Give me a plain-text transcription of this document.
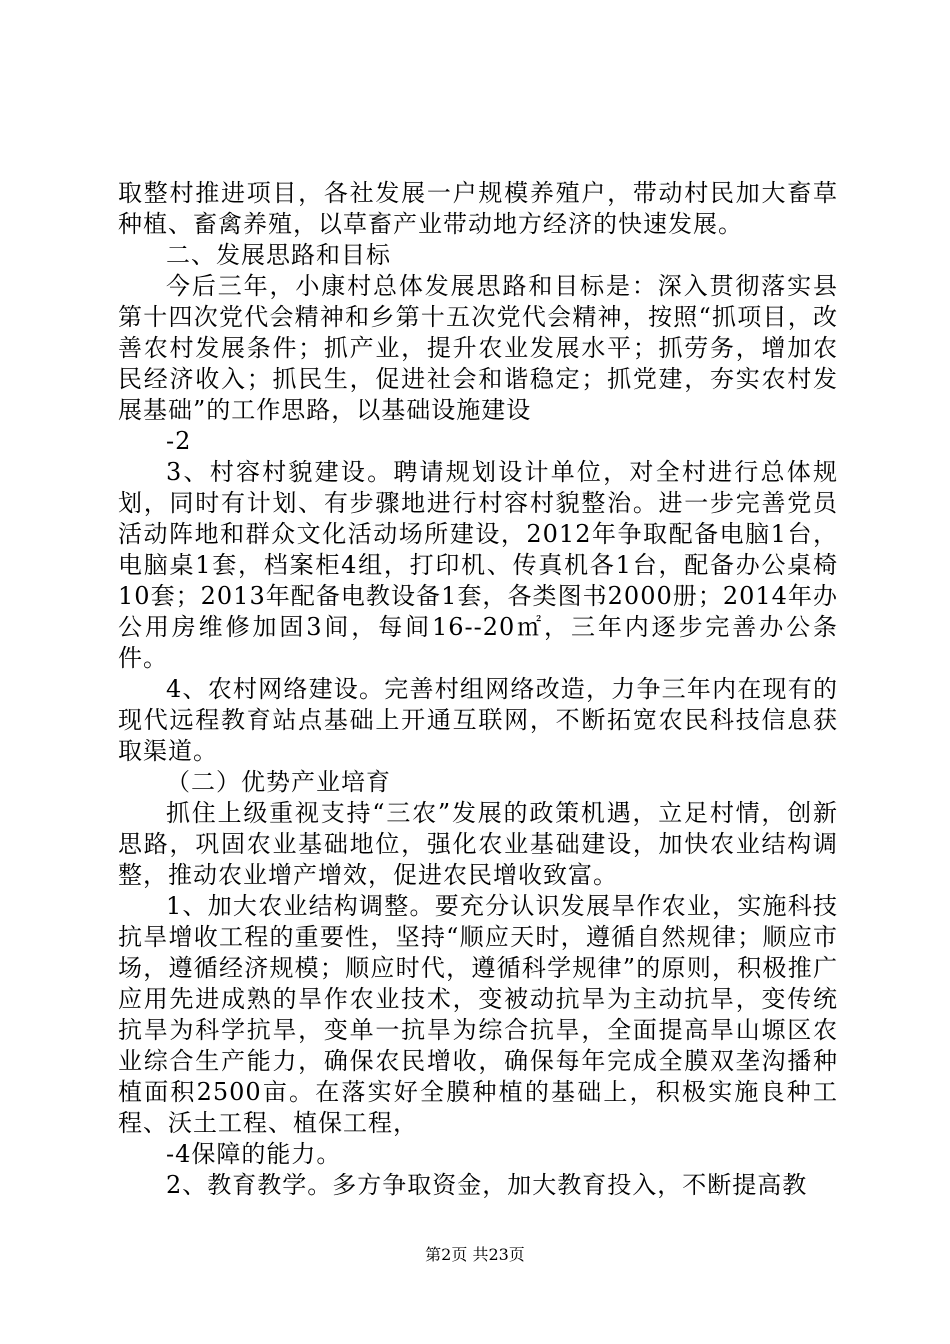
取整村推进项目，各社发展一户规模养殖户，带动村民加大畜草种植、畜禽养殖，以草畜产业带动地方经济的快速发展。

二、发展思路和目标

今后三年，小康村总体发展思路和目标是：深入贯彻落实县第十四次党代会精神和乡第十五次党代会精神，按照“抓项目，改善农村发展条件；抓产业，提升农业发展水平；抓劳务，增加农民经济收入；抓民生，促进社会和谐稳定；抓党建，夯实农村发展基础”的工作思路，以基础设施建设

-2

3、村容村貌建设。聘请规划设计单位，对全村进行总体规划，同时有计划、有步骤地进行村容村貌整治。进一步完善党员活动阵地和群众文化活动场所建设，2012年争取配备电脑1台，电脑桌1套，档案柜4组，打印机、传真机各1台，配备办公桌椅10套；2013年配备电教设备1套，各类图书2000册；2014年办公用房维修加固3间，每间16--20㎡，三年内逐步完善办公条件。

4、农村网络建设。完善村组网络改造，力争三年内在现有的现代远程教育站点基础上开通互联网，不断拓宽农民科技信息获取渠道。

（二）优势产业培育

抓住上级重视支持“三农”发展的政策机遇，立足村情，创新思路，巩固农业基础地位，强化农业基础建设，加快农业结构调整，推动农业增产增效，促进农民增收致富。

1、加大农业结构调整。要充分认识发展旱作农业，实施科技抗旱增收工程的重要性，坚持“顺应天时，遵循自然规律；顺应市场，遵循经济规模；顺应时代，遵循科学规律”的原则，积极推广应用先进成熟的旱作农业技术，变被动抗旱为主动抗旱，变传统抗旱为科学抗旱，变单一抗旱为综合抗旱，全面提高旱山塬区农业综合生产能力，确保农民增收，确保每年完成全膜双垄沟播种植面积2500亩。在落实好全膜种植的基础上，积极实施良种工程、沃土工程、植保工程，

-4保障的能力。

2、教育教学。多方争取资金，加大教育投入，不断提高教

第2页 共23页
